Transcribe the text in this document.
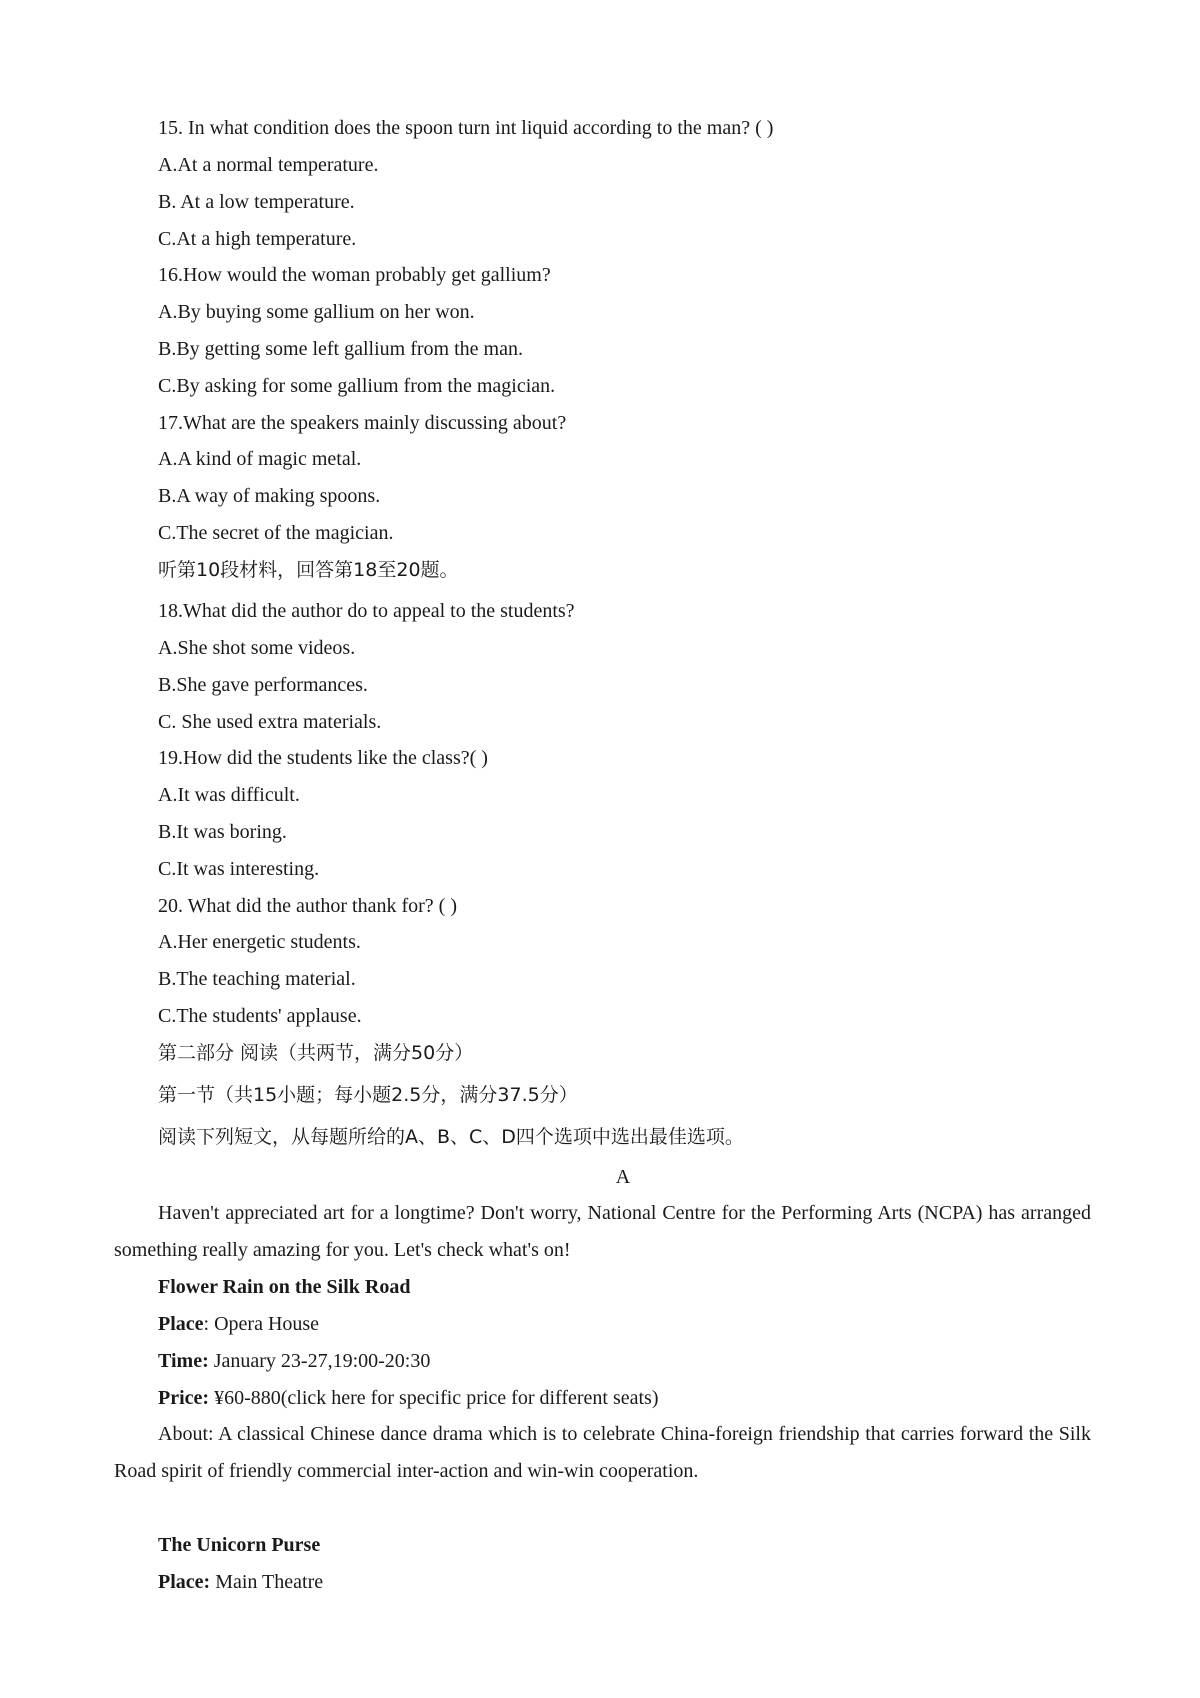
15. In what condition does the spoon turn int liquid according to the man? ( )
A.At a normal temperature.
B. At a low temperature.
C.At a high temperature.
16.How would the woman probably get gallium?
A.By buying some gallium on her won.
B.By getting some left gallium from the man.
C.By asking for some gallium from the magician.
17.What are the speakers mainly discussing about?
A.A kind of magic metal.
B.A way of making spoons.
C.The secret of the magician.
听第10段材料，回答第18至20题。
18.What did the author do to appeal to the students?
A.She shot some videos.
B.She gave performances.
C. She used extra materials.
19.How did the students like the class?( )
A.It was difficult.
B.It was boring.
C.It was interesting.
20. What did the author thank for? ( )
A.Her energetic students.
B.The teaching material.
C.The students' applause.
第二部分 阅读（共两节，满分50分）
第一节（共15小题；每小题2.5分，满分37.5分）
阅读下列短文，从每题所给的A、B、C、D四个选项中选出最佳选项。
A
Haven't appreciated art for a longtime? Don't worry, National Centre for the Performing Arts (NCPA) has arranged something really amazing for you. Let's check what's on!
Flower Rain on the Silk Road
Place: Opera House
Time: January 23-27,19:00-20:30
Price: ¥60-880(click here for specific price for different seats)
About: A classical Chinese dance drama which is to celebrate China-foreign friendship that carries forward the Silk Road spirit of friendly commercial inter-action and win-win cooperation.
The Unicorn Purse
Place: Main Theatre
